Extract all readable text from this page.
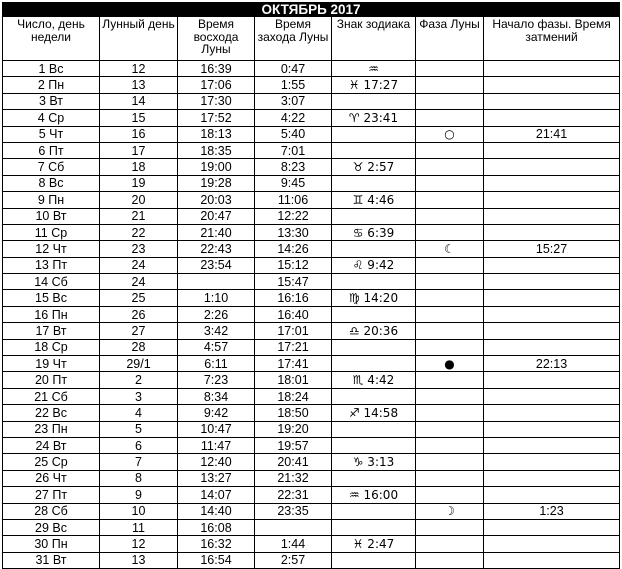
ОКТЯБРЬ 2017						
Число, день недели	Лунный день	Время восхода Луны	Время захода Луны	Знак зодиака	Фаза Луны	Начало фазы. Время затмений
1 Вс	12	16:39	0:47	♒		
2 Пн	13	17:06	1:55	♓ 17:27		
3 Вт	14	17:30	3:07			
4 Ср	15	17:52	4:22	♈ 23:41		
5 Чт	16	18:13	5:40		○	21:41
6 Пт	17	18:35	7:01			
7 Сб	18	19:00	8:23	♉ 2:57		
8 Вс	19	19:28	9:45			
9 Пн	20	20:03	11:06	♊ 4:46		
10 Вт	21	20:47	12:22			
11 Ср	22	21:40	13:30	♋ 6:39		
12 Чт	23	22:43	14:26		☾	15:27
13 Пт	24	23:54	15:12	♌ 9:42		
14 Сб	24		15:47			
15 Вс	25	1:10	16:16	♍ 14:20		
16 Пн	26	2:26	16:40			
17 Вт	27	3:42	17:01	♎ 20:36		
18 Ср	28	4:57	17:21			
19 Чт	29/1	6:11	17:41		●	22:13
20 Пт	2	7:23	18:01	♏ 4:42		
21 Сб	3	8:34	18:24			
22 Вс	4	9:42	18:50	♐ 14:58		
23 Пн	5	10:47	19:20			
24 Вт	6	11:47	19:57			
25 Ср	7	12:40	20:41	♑ 3:13		
26 Чт	8	13:27	21:32			
27 Пт	9	14:07	22:31	♒ 16:00		
28 Сб	10	14:40	23:35		☽	1:23
29 Вс	11	16:08				
30 Пн	12	16:32	1:44	♓ 2:47		
31 Вт	13	16:54	2:57			
